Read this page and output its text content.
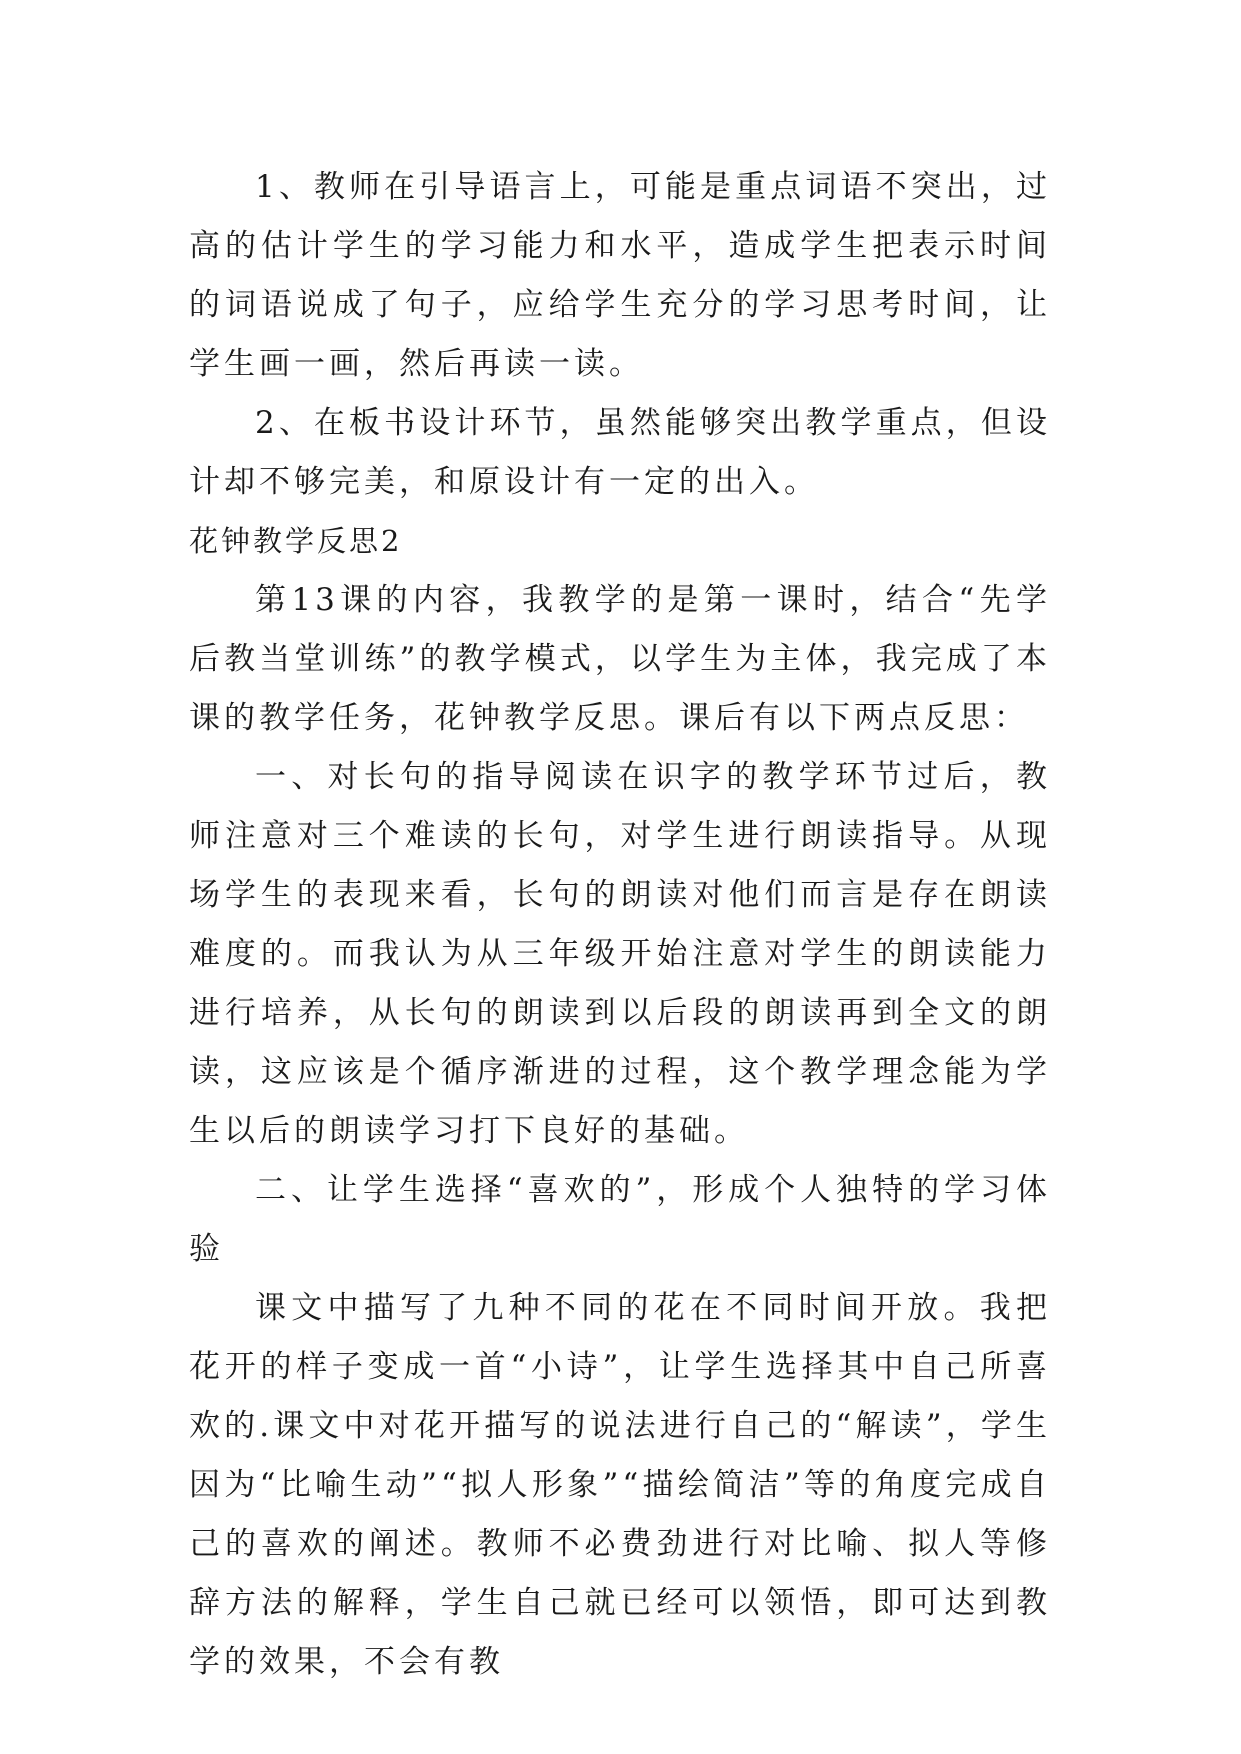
1、教师在引导语言上，可能是重点词语不突出，过高的估计学生的学习能力和水平，造成学生把表示时间的词语说成了句子，应给学生充分的学习思考时间，让学生画一画，然后再读一读。

2、在板书设计环节，虽然能够突出教学重点，但设计却不够完美，和原设计有一定的出入。

花钟教学反思2

第13课的内容，我教学的是第一课时，结合“先学后教当堂训练”的教学模式，以学生为主体，我完成了本课的教学任务，花钟教学反思。课后有以下两点反思：

一、对长句的指导阅读在识字的教学环节过后，教师注意对三个难读的长句，对学生进行朗读指导。从现场学生的表现来看，长句的朗读对他们而言是存在朗读难度的。而我认为从三年级开始注意对学生的朗读能力进行培养，从长句的朗读到以后段的朗读再到全文的朗读，这应该是个循序渐进的过程，这个教学理念能为学生以后的朗读学习打下良好的基础。

二、让学生选择“喜欢的”，形成个人独特的学习体验

课文中描写了九种不同的花在不同时间开放。我把花开的样子变成一首“小诗”，让学生选择其中自己所喜欢的.课文中对花开描写的说法进行自己的“解读”，学生因为“比喻生动”“拟人形象”“描绘简洁”等的角度完成自己的喜欢的阐述。教师不必费劲进行对比喻、拟人等修辞方法的解释，学生自己就已经可以领悟，即可达到教学的效果，不会有教
